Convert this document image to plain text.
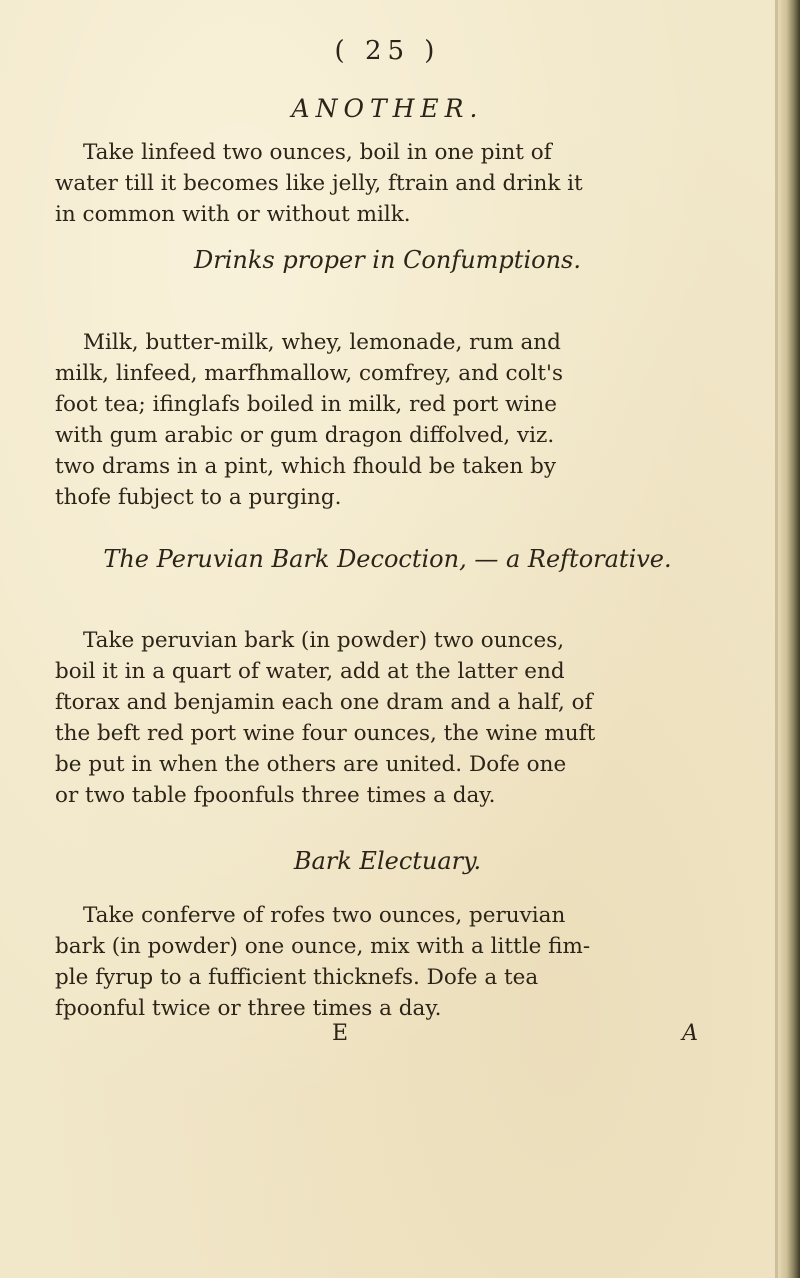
( 25 )
ANOTHER.
Take linfeed two ounces, boil in one pint of
water till it becomes like jelly, ftrain and drink it
in common with or without milk.
Drinks proper in Confumptions.
Milk, butter-milk, whey, lemonade, rum and
milk, linfeed, marfhmallow, comfrey, and colt's
foot tea; ifinglafs boiled in milk, red port wine
with gum arabic or gum dragon diffolved, viz.
two drams in a pint, which fhould be taken by
thofe fubject to a purging.
The Peruvian Bark Decoction, — a Reftorative.
Take peruvian bark (in powder) two ounces,
boil it in a quart of water, add at the latter end
ftorax and benjamin each one dram and a half, of
the beft red port wine four ounces, the wine muft
be put in when the others are united. Dofe one
or two table fpoonfuls three times a day.
Bark Electuary.
Take conferve of rofes two ounces, peruvian
bark (in powder) one ounce, mix with a little fim-
ple fyrup to a fufficient thicknefs. Dofe a tea
fpoonful twice or three times a day.
E	A
